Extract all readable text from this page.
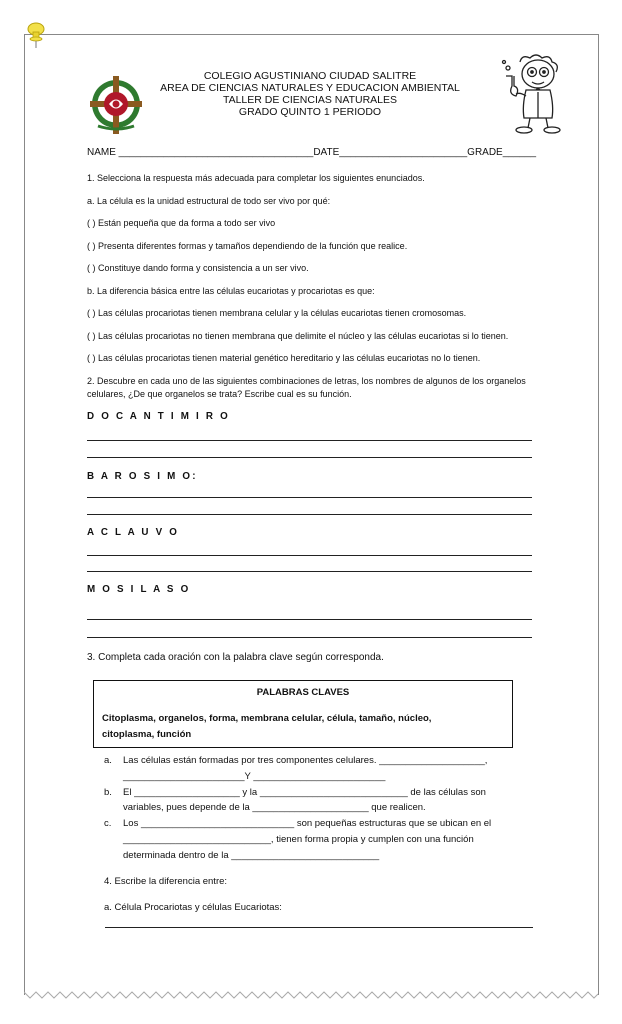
COLEGIO AGUSTINIANO CIUDAD SALITRE
AREA DE CIENCIAS NATURALES Y EDUCACION AMBIENTAL
TALLER DE CIENCIAS NATURALES
GRADO QUINTO 1 PERIODO
NAME ___________________________________DATE_______________________GRADE______
1. Selecciona la respuesta más adecuada para completar los siguientes enunciados.
a. La célula es la unidad estructural de todo ser vivo por qué:
( ) Están pequeña que da forma a todo ser vivo
( ) Presenta diferentes formas y tamaños dependiendo de la función que realice.
( ) Constituye dando forma y consistencia a un ser vivo.
b. La diferencia básica entre las células eucariotas y procariotas es que:
( ) Las células procariotas tienen membrana celular y la células eucariotas tienen cromosomas.
( ) Las células procariotas no tienen membrana que delimite el núcleo y las células eucariotas si lo tienen.
( ) Las células procariotas tienen material genético hereditario y las células eucariotas no lo tienen.
2. Descubre en cada uno de las siguientes combinaciones de letras, los nombres de algunos de los organelos
celulares, ¿De que organelos se trata? Escribe cual es su función.
D O C A N T I M I R O
B A R O S I M O:
A C L A U V O
M O S I L A S O
3. Completa cada oración con la palabra clave según corresponda.
PALABRAS CLAVES
Citoplasma, organelos, forma, membrana celular, célula, tamaño, núcleo,
citoplasma, función
a. Las células están formadas por tres componentes celulares. ____________________,
_______________________Y _________________________
b. El ____________________ y la ____________________________ de las células son
variables, pues depende de la ______________________ que realicen.
c. Los _____________________________ son pequeñas estructuras que se ubican en el
____________________________, tienen forma propia y cumplen con una función
determinada dentro de la ____________________________
4. Escribe la diferencia entre:
a. Célula Procariotas y células Eucariotas:
